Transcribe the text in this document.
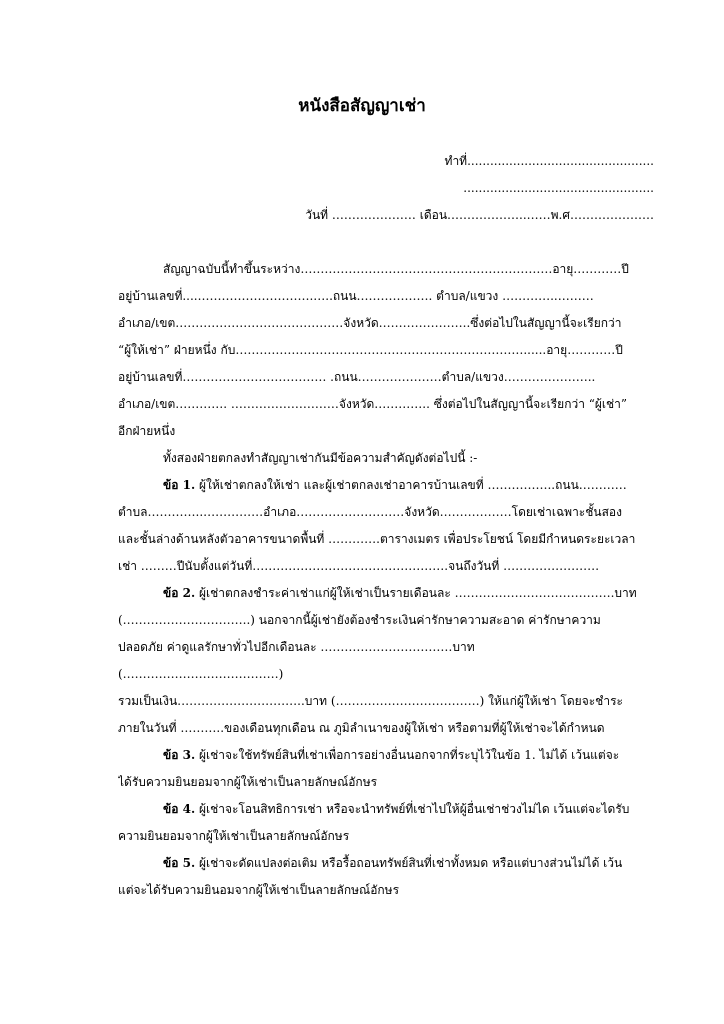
หนังสือสัญญาเช่า
ทำที่.................................................
..................................................
วันที่ ………………… เดือน………………..……พ.ศ…………………
สัญญาฉบับนี้ทำขึ้นระหว่าง………………………………………………………อายุ…………ปี
อยู่บ้านเลขที่.....……………………….…..ถนน………………. ตำบล/แขวง …………..………
อำเภอ/เขต……………………………………จังหวัด…………………..ซึ่งต่อไปในสัญญานี้จะเรียกว่า
“ผู้ให้เช่า” ฝ่ายหนึ่ง กับ………………………………………………………………......อายุ…………ปี
อยู่บ้านเลขที่……………………………… .ถนน…………………ตำบล/แขวง…………………..
อำเภอ/เขต…………. ………………………จังหวัด………….. ซึ่งต่อไปในสัญญานี้จะเรียกว่า “ผู้เช่า”
อีกฝ่ายหนึ่ง
ทั้งสองฝ่ายตกลงทำสัญญาเช่ากันมีข้อความสำคัญดังต่อไปนี้ :-
ข้อ 1. ผู้ให้เช่าตกลงให้เช่า และผู้เช่าตกลงเช่าอาคารบ้านเลขที่ ……………..ถนน…………
ตำบล…………..……………อำเภอ………………………จังหวัด………………โดยเช่าเฉพาะชั้นสอง
และชั้นล่างด้านหลังตัวอาคารขนาดพื้นที่ ………….ตารางเมตร เพื่อประโยชน์ โดยมีกำหนดระยะเวลา
เช่า ………ปีนับตั้งแต่วันที่………………………………………….จนถึงวันที่ ……………………
ข้อ 2. ผู้เช่าตกลงชำระค่าเช่าแก่ผู้ให้เช่าเป็นรายเดือนละ ………………………………….บาท
(…………………………..) นอกจากนี้ผู้เช่ายังต้องชำระเงินค่ารักษาความสะอาด ค่ารักษาความ
ปลอดภัย ค่าดูแลรักษาทั่วไปอีกเดือนละ ……………………………บาท
(…………………………………)
รวมเป็นเงิน…………………………..บาท (………………………………) ให้แก่ผู้ให้เช่า โดยจะชำระ
ภายในวันที่ ………..ของเดือนทุกเดือน ณ ภูมิลำเนาของผู้ให้เช่า หรือตามที่ผู้ให้เช่าจะได้กำหนด
ข้อ 3. ผู้เช่าจะใช้ทรัพย์สินที่เช่าเพื่อการอย่างอื่นนอกจากที่ระบุไว้ในข้อ 1. ไม่ได้ เว้นแต่จะ
ได้รับความยินยอมจากผู้ให้เช่าเป็นลายลักษณ์อักษร
ข้อ 4. ผู้เช่าจะโอนสิทธิการเช่า หรือจะนำทรัพย์ที่เช่าไปให้ผู้อื่นเช่าช่วงไม่ได เว้นแต่จะไดรับ
ความยินยอมจากผู้ให้เช่าเป็นลายลักษณ์อักษร
ข้อ 5. ผู้เช่าจะดัดแปลงต่อเติม หรือรื้อถอนทรัพย์สินที่เช่าทั้งหมด หรือแต่บางส่วนไม่ได้ เว้น
แต่จะได้รับความยินอมจากผู้ให้เช่าเป็นลายลักษณ์อักษร
